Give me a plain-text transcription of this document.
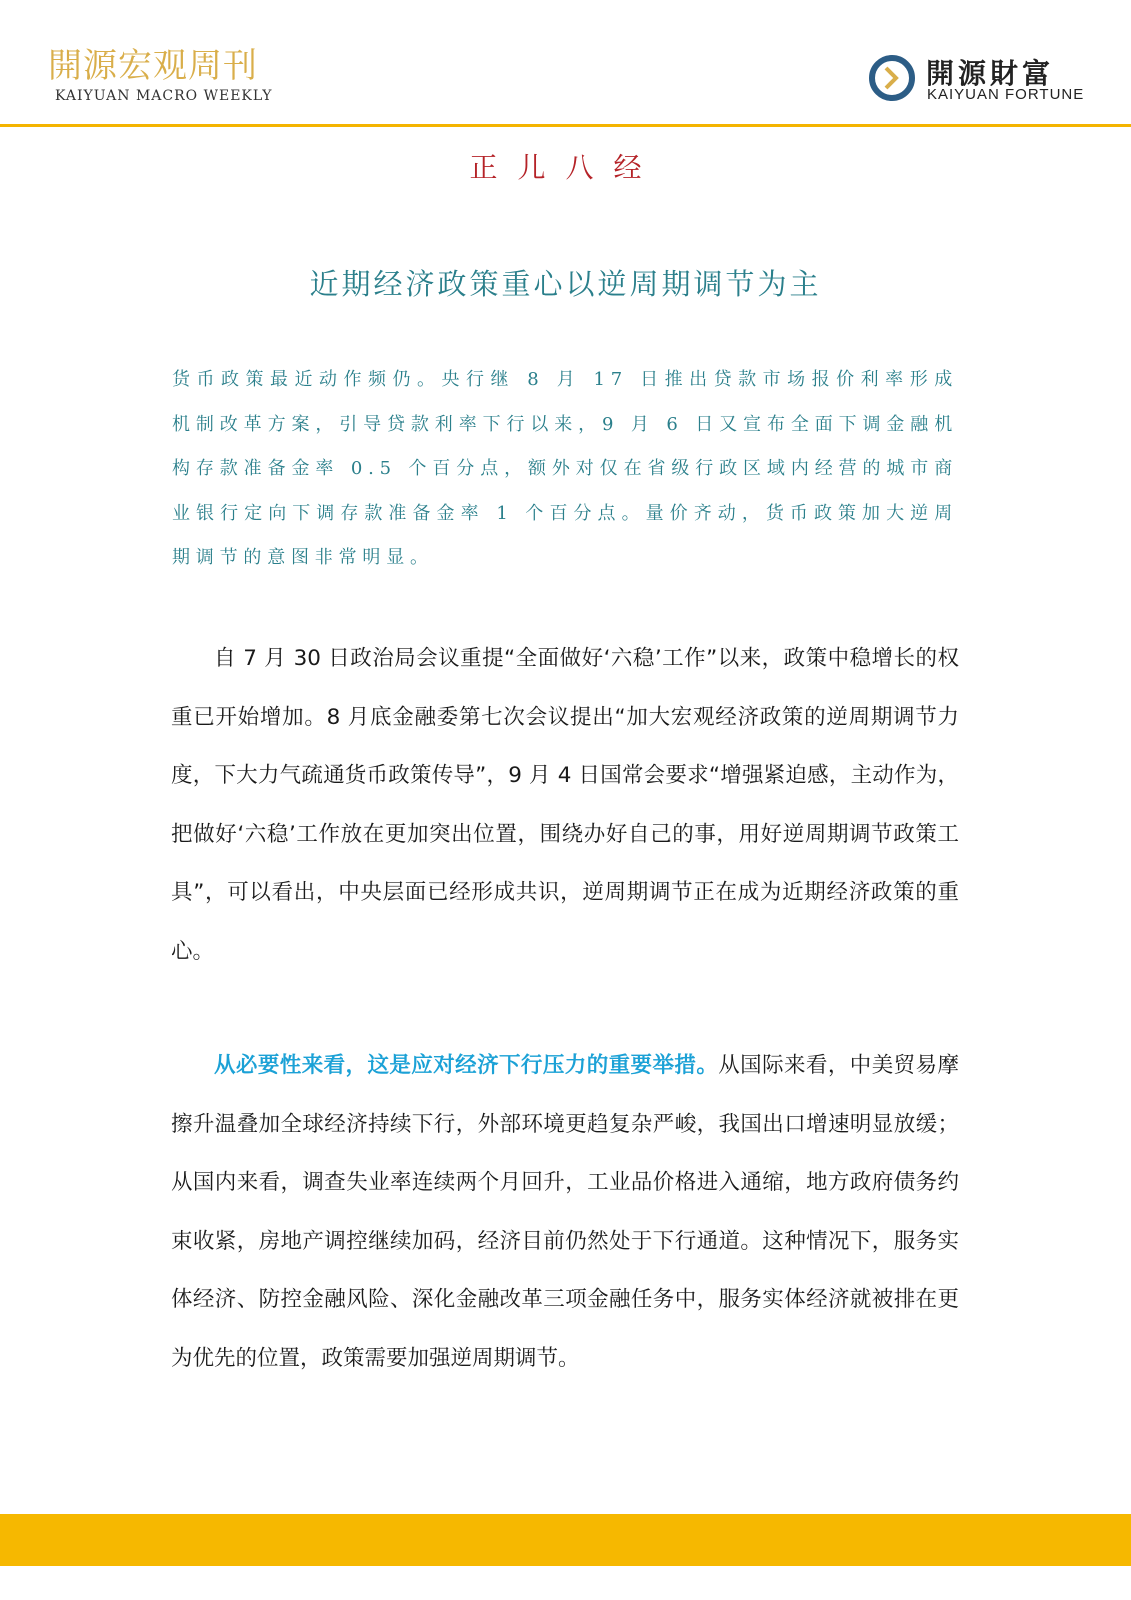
開源宏观周刊
KAIYUAN MACRO WEEKLY
開源財富
KAIYUAN FORTUNE
正儿八经
近期经济政策重心以逆周期调节为主

货币政策最近动作频仍。央行继 8 月 17 日推出贷款市场报价利率形成机制改革方案，引导贷款利率下行以来，9 月 6 日又宣布全面下调金融机构存款准备金率 0.5 个百分点，额外对仅在省级行政区域内经营的城市商业银行定向下调存款准备金率 1 个百分点。量价齐动，货币政策加大逆周期调节的意图非常明显。

自 7 月 30 日政治局会议重提“全面做好‘六稳’工作”以来，政策中稳增长的权重已开始增加。8 月底金融委第七次会议提出“加大宏观经济政策的逆周期调节力度，下大力气疏通货币政策传导”，9 月 4 日国常会要求“增强紧迫感，主动作为，把做好‘六稳’工作放在更加突出位置，围绕办好自己的事，用好逆周期调节政策工具”，可以看出，中央层面已经形成共识，逆周期调节正在成为近期经济政策的重心。

从必要性来看，这是应对经济下行压力的重要举措。从国际来看，中美贸易摩擦升温叠加全球经济持续下行，外部环境更趋复杂严峻，我国出口增速明显放缓；从国内来看，调查失业率连续两个月回升，工业品价格进入通缩，地方政府债务约束收紧，房地产调控继续加码，经济目前仍然处于下行通道。这种情况下，服务实体经济、防控金融风险、深化金融改革三项金融任务中，服务实体经济就被排在更为优先的位置，政策需要加强逆周期调节。
